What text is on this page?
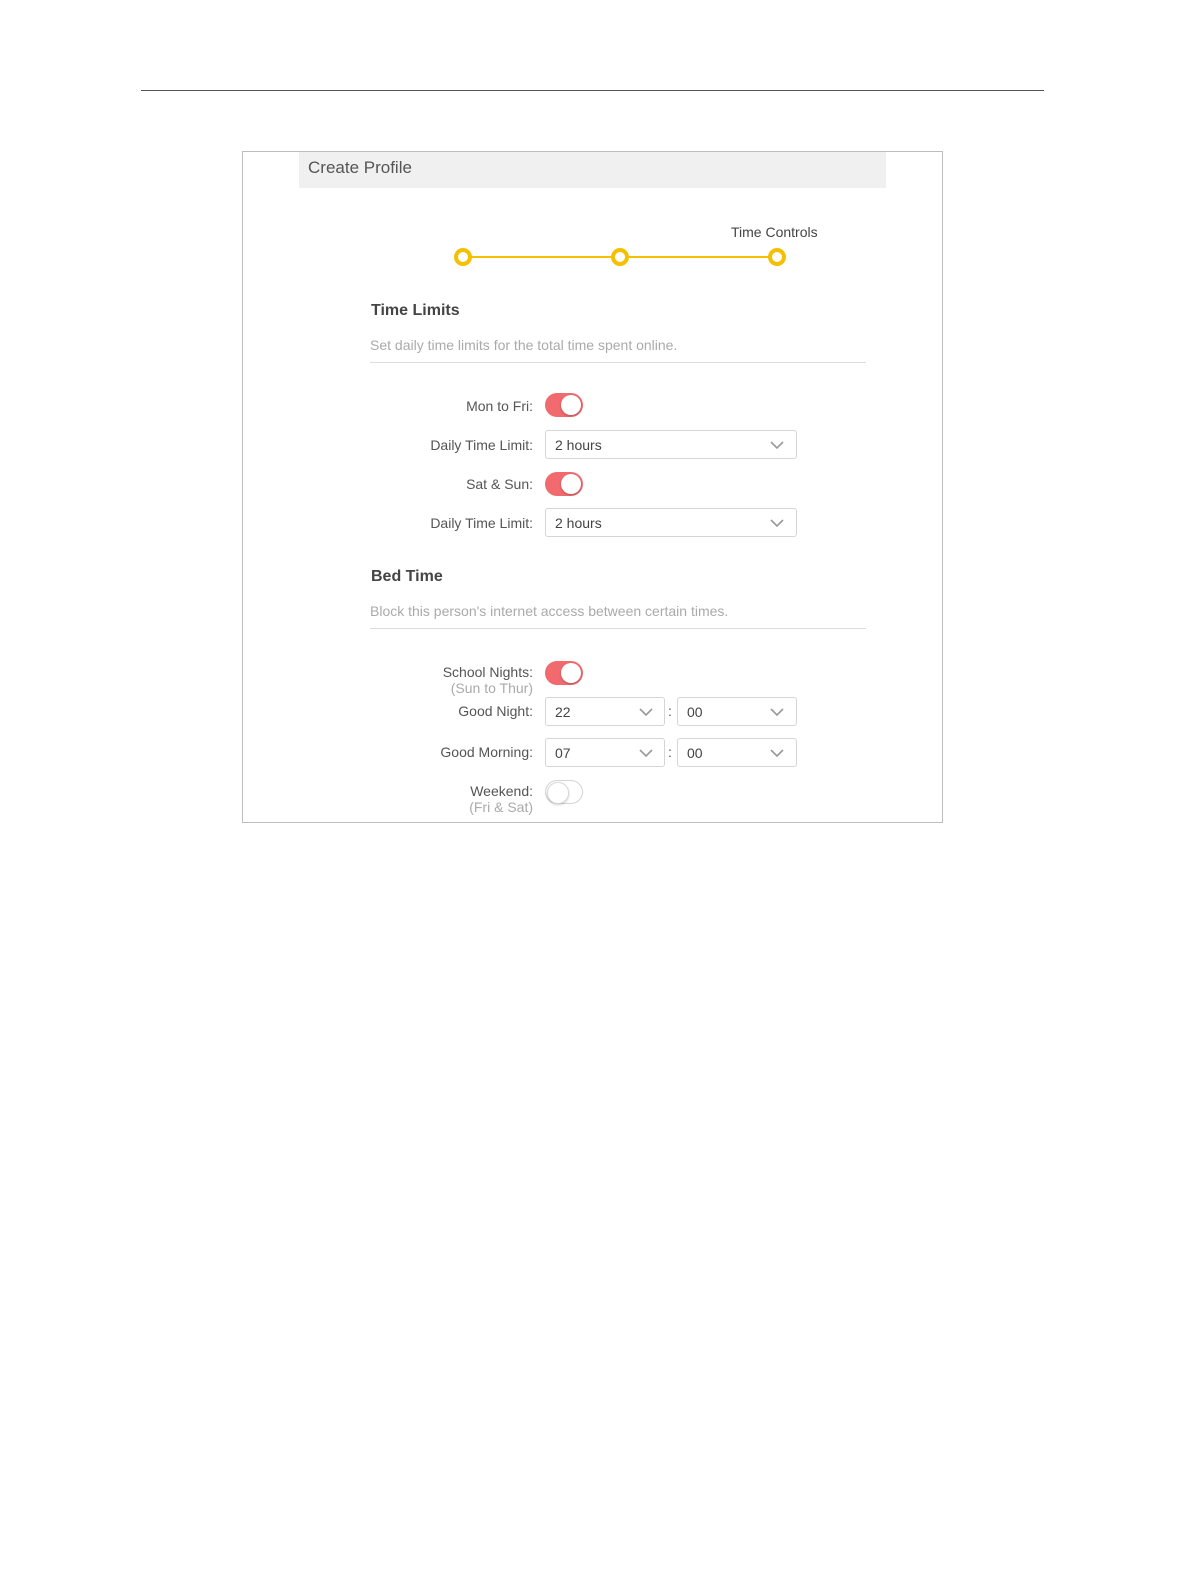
Create Profile
Time Controls
Time Limits
Set daily time limits for the total time spent online.
Mon to Fri:
Daily Time Limit: 2 hours
Sat & Sun:
Daily Time Limit: 2 hours
Bed Time
Block this person's internet access between certain times.
School Nights:
(Sun to Thur)
Good Night: 22	: 00
Good Morning: 07	: 00
Weekend:
(Fri & Sat)
